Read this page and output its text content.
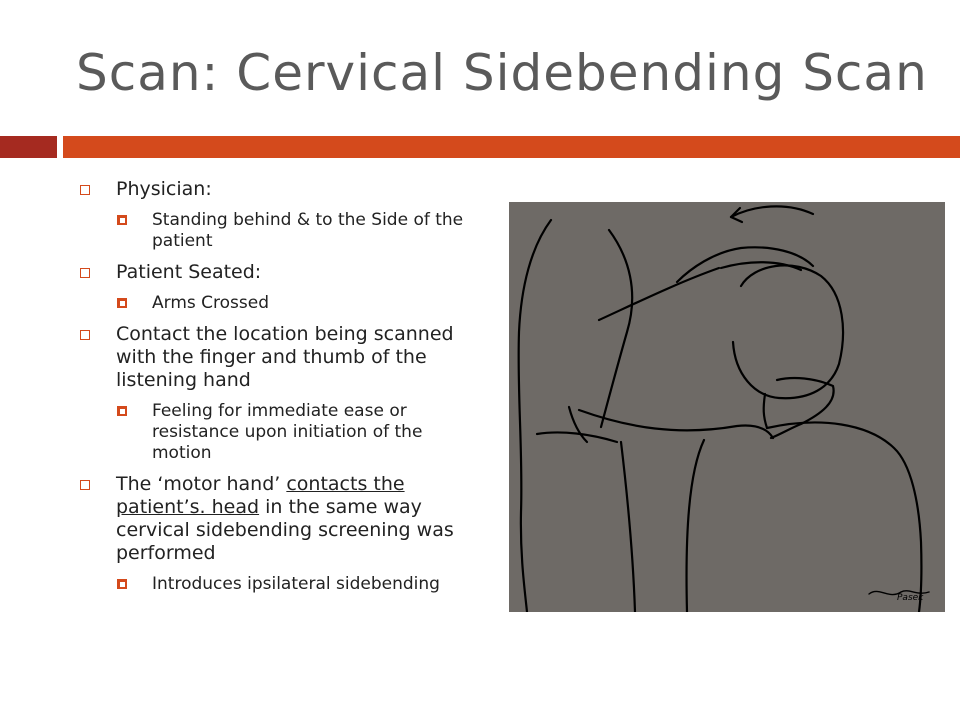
Scan: Cervical Sidebending Scan
Physician:
Standing behind & to the Side of the patient
Patient Seated:
Arms Crossed
Contact the location being scanned with the finger and thumb of the listening hand
Feeling for immediate ease or resistance upon initiation of the motion
The ‘motor hand’ contacts the patient’s. head in the same way cervical sidebending screening was performed
Introduces ipsilateral sidebending
Pasek
